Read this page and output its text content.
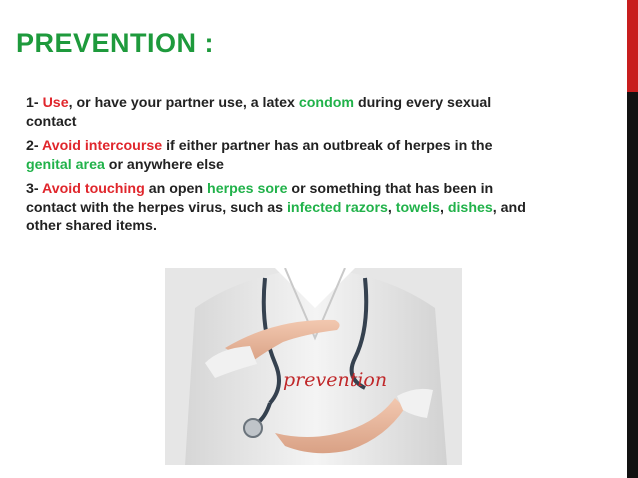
PREVENTION :
1- Use, or have your partner use, a latex condom during every sexual contact
2- Avoid intercourse if either partner has an outbreak of herpes in the genital area or anywhere else
3- Avoid touching an open herpes sore or something that has been in contact with the herpes virus, such as infected razors, towels, dishes, and other shared items.
prevention
